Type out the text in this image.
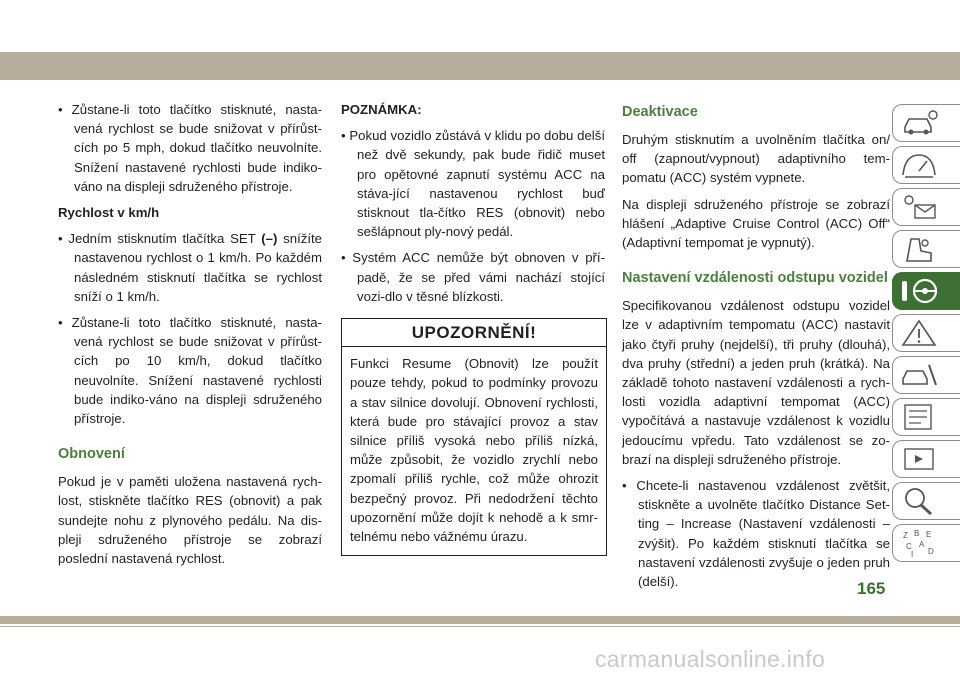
• Zůstane-li toto tlačítko stisknuté, nasta-vená rychlost se bude snižovat v přírůst-cích po 5 mph, dokud tlačítko neuvolníte. Snížení nastavené rychlosti bude indiko-váno na displeji sdruženého přístroje.

Rychlost v km/h

• Jedním stisknutím tlačítka SET (–) snížíte nastavenou rychlost o 1 km/h. Po každém následném stisknutí tlačítka se rychlost sníží o 1 km/h.
• Zůstane-li toto tlačítko stisknuté, nasta-vená rychlost se bude snižovat v přírůst-cích po 10 km/h, dokud tlačítko neuvolníte. Snížení nastavené rychlosti bude indiko-váno na displeji sdruženého přístroje.
Obnovení

Pokud je v paměti uložena nastavená rych-lost, stiskněte tlačítko RES (obnovit) a pak sundejte nohu z plynového pedálu. Na dis-pleji sdruženého přístroje se zobrazí poslední nastavená rychlost.

POZNÁMKA:

• Pokud vozidlo zůstává v klidu po dobu delší než dvě sekundy, pak bude řidič muset pro opětovné zapnutí systému ACC na stáva-jící nastavenou rychlost buď stisknout tla-čítko RES (obnovit) nebo sešlápnout ply-nový pedál.
• Systém ACC nemůže být obnoven v pří-padě, že se před vámi nachází stojící vozi-dlo v těsné blízkosti.
UPOZORNĚNÍ!
Funkci Resume (Obnovit) lze použít pouze tehdy, pokud to podmínky provozu a stav silnice dovolují. Obnovení rychlosti, která bude pro stávající provoz a stav silnice příliš vysoká nebo příliš nízká, může způsobit, že vozidlo zrychlí nebo zpomalí příliš rychle, což může ohrozit bezpečný provoz. Při nedodržení těchto upozornění může dojít k nehodě a k smr-telnému nebo vážnému úrazu.
Deaktivace

Druhým stisknutím a uvolněním tlačítka on/ off (zapnout/vypnout) adaptivního tem-pomatu (ACC) systém vypnete.

Na displeji sdruženého přístroje se zobrazí hlášení „Adaptive Cruise Control (ACC) Off“ (Adaptivní tempomat je vypnutý).

Nastavení vzdálenosti odstupu vozidel

Specifikovanou vzdálenost odstupu vozidel lze v adaptivním tempomatu (ACC) nastavit jako čtyři pruhy (nejdelší), tři pruhy (dlouhá), dva pruhy (střední) a jeden pruh (krátká). Na základě tohoto nastavení vzdálenosti a rych-losti vozidla adaptivní tempomat (ACC) vypočítává a nastavuje vzdálenost k vozidlu jedoucímu vpředu. Tato vzdálenost se zo-brazí na displeji sdruženého přístroje.

• Chcete-li nastavenou vzdálenost zvětšit, stiskněte a uvolněte tlačítko Distance Set-ting – Increase (Nastavení vzdálenosti – zvýšit). Po každém stisknutí tlačítka se nastavení vzdálenosti zvyšuje o jeden pruh (delší).
Z B E
C A
I D
165
carmanualsonline.info
